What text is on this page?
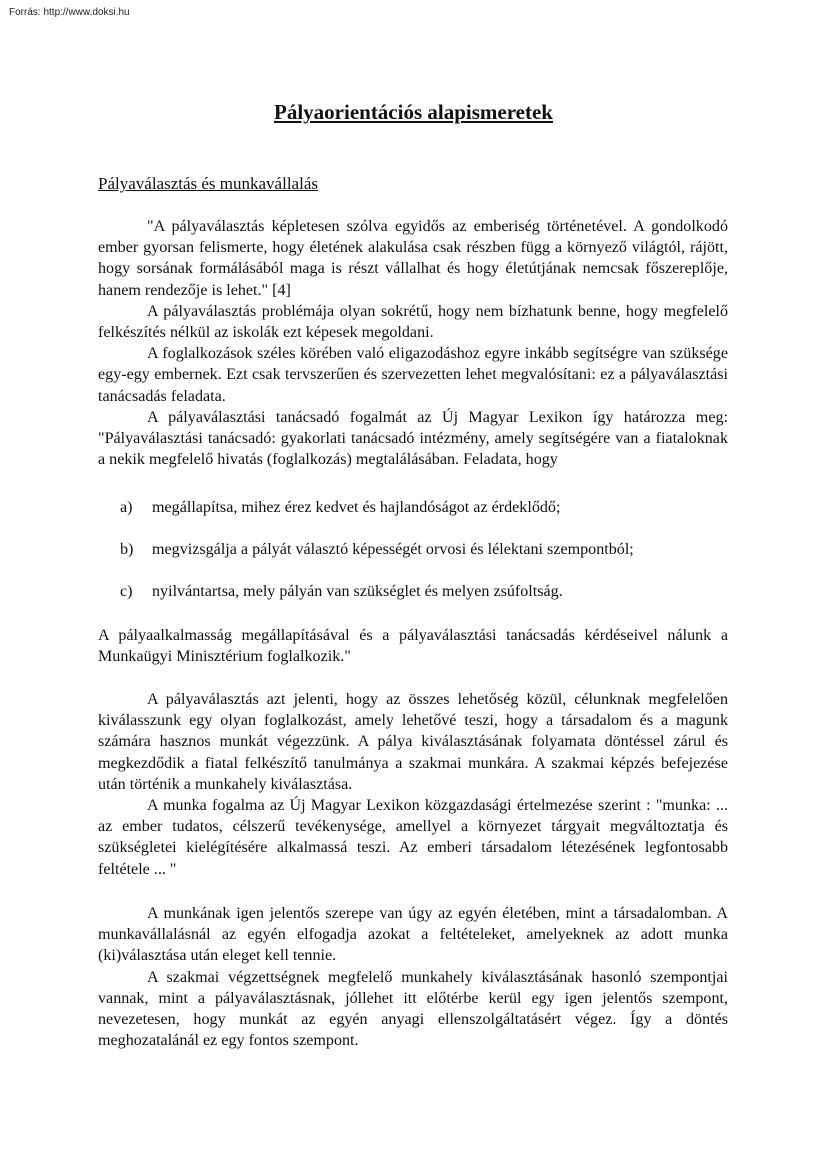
Forrás: http://www.doksi.hu
Pályaorientációs alapismeretek
Pályaválasztás és munkavállalás

"A pályaválasztás képletesen szólva egyidős az emberiség történetével. A gondolkodó ember gyorsan felismerte, hogy életének alakulása csak részben függ a környező világtól, rájött, hogy sorsának formálásából maga is részt vállalhat és hogy életútjának nemcsak főszereplője, hanem rendezője is lehet." [4]

A pályaválasztás problémája olyan sokrétű, hogy nem bízhatunk benne, hogy megfelelő felkészítés nélkül az iskolák ezt képesek megoldani.

A foglalkozások széles körében való eligazodáshoz egyre inkább segítségre van szüksége egy-egy embernek. Ezt csak tervszerűen és szervezetten lehet megvalósítani: ez a pályaválasztási tanácsadás feladata.

A pályaválasztási tanácsadó fogalmát az Új Magyar Lexikon így határozza meg: "Pályaválasztási tanácsadó: gyakorlati tanácsadó intézmény, amely segítségére van a fiataloknak a nekik megfelelő hivatás (foglalkozás) megtalálásában. Feladata, hogy

a) megállapítsa, mihez érez kedvet és hajlandóságot az érdeklődő;
b) megvizsgálja a pályát választó képességét orvosi és lélektani szempontból;
c) nyilvántartsa, mely pályán van szükséglet és melyen zsúfoltság.

A pályaalkalmasság megállapításával és a pályaválasztási tanácsadás kérdéseivel nálunk a Munkaügyi Minisztérium foglalkozik."

A pályaválasztás azt jelenti, hogy az összes lehetőség közül, célunknak megfelelően kiválasszunk egy olyan foglalkozást, amely lehetővé teszi, hogy a társadalom és a magunk számára hasznos munkát végezzünk. A pálya kiválasztásának folyamata döntéssel zárul és megkezdődik a fiatal felkészítő tanulmánya a szakmai munkára. A szakmai képzés befejezése után történik a munkahely kiválasztása.

A munka fogalma az Új Magyar Lexikon közgazdasági értelmezése szerint : "munka: ... az ember tudatos, célszerű tevékenysége, amellyel a környezet tárgyait megváltoztatja és szükségletei kielégítésére alkalmassá teszi. Az emberi társadalom létezésének legfontosabb feltétele ... "

A munkának igen jelentős szerepe van úgy az egyén életében, mint a társadalomban. A munkavállalásnál az egyén elfogadja azokat a feltételeket, amelyeknek az adott munka (ki)választása után eleget kell tennie.

A szakmai végzettségnek megfelelő munkahely kiválasztásának hasonló szempontjai vannak, mint a pályaválasztásnak, jóllehet itt előtérbe kerül egy igen jelentős szempont, nevezetesen, hogy munkát az egyén anyagi ellenszolgáltatásért végez. Így a döntés meghozatalánál ez egy fontos szempont.
